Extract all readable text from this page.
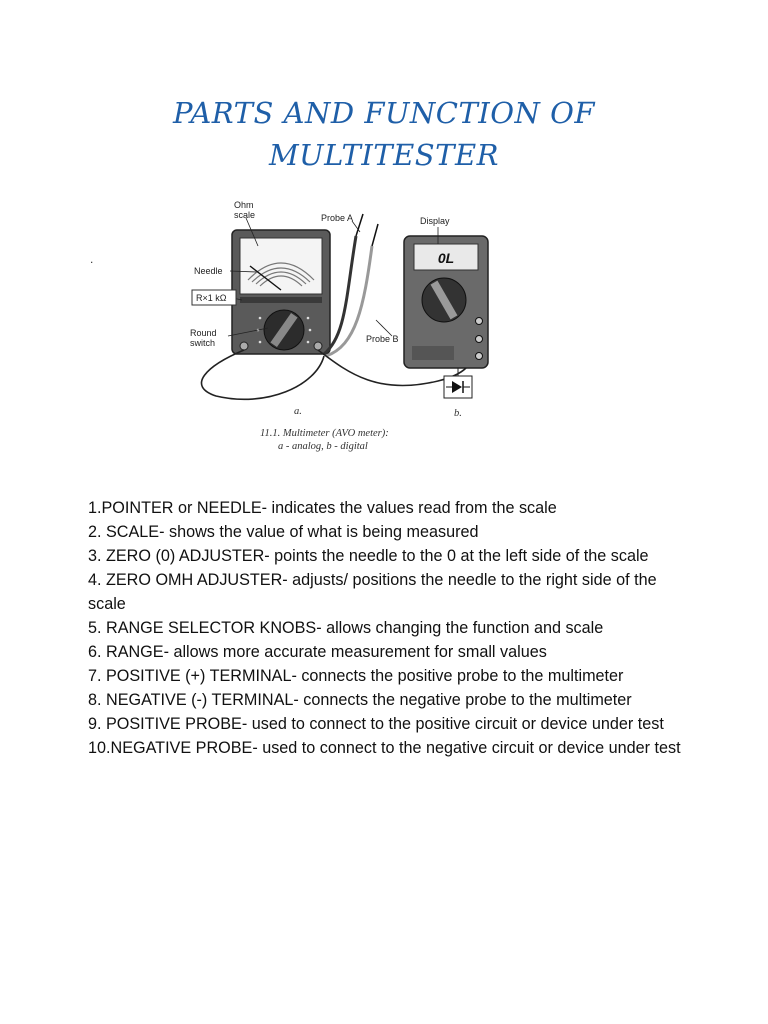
PARTS AND FUNCTION OF
MULTITESTER
.	0L
Ohm
scale	Probe A	Display
Needle
R×1 kΩ
Round
switch	Probe B
a.	b.
11.1. Multimeter (AVO meter):
a - analog, b - digital

1.POINTER or NEEDLE- indicates the values read from the scale

2. SCALE- shows the value of what is being measured

3. ZERO (0) ADJUSTER- points the needle to the 0 at the left side of the scale

4. ZERO OMH ADJUSTER- adjusts/ positions the needle to the right side of the scale

5. RANGE SELECTOR KNOBS- allows changing the function and scale

6. RANGE- allows more accurate measurement for small values

7. POSITIVE (+) TERMINAL- connects the positive probe to the multimeter

8. NEGATIVE (-) TERMINAL- connects the negative probe to the multimeter

9. POSITIVE PROBE- used to connect to the positive circuit or device under test

10.NEGATIVE PROBE- used to connect to the negative circuit or device under test
